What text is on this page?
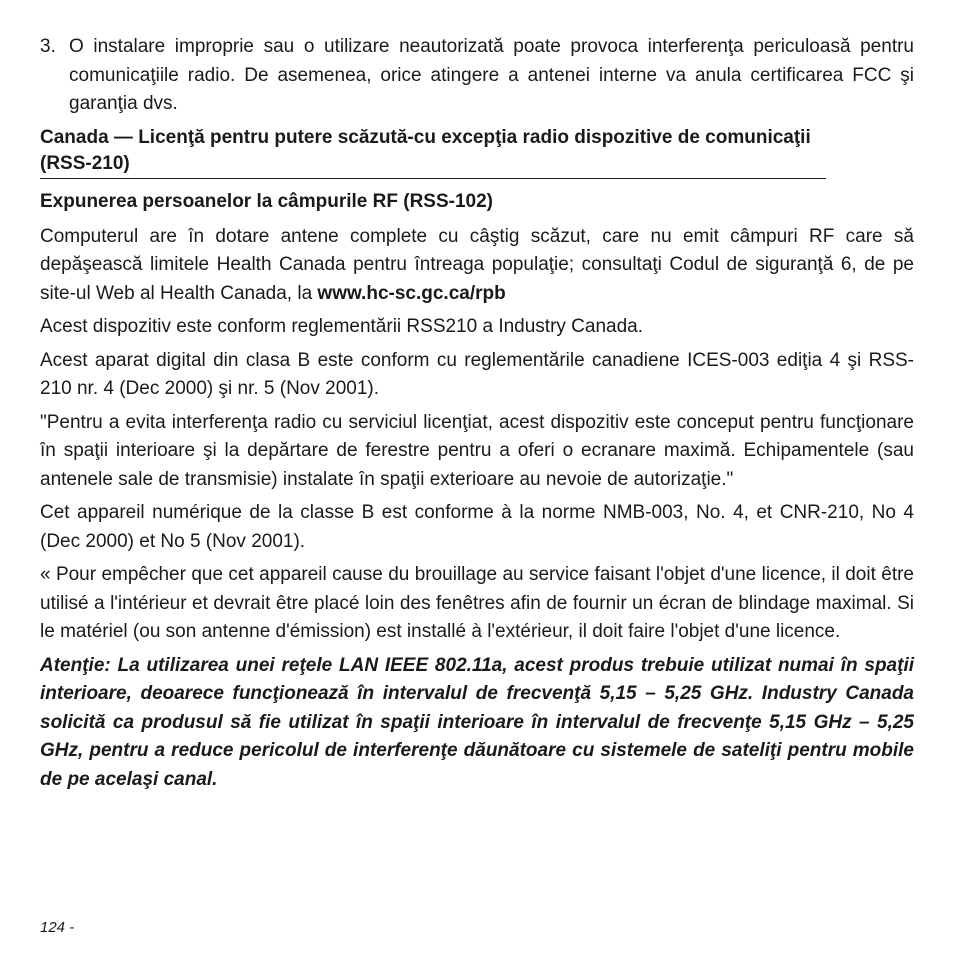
3. O instalare improprie sau o utilizare neautorizată poate provoca interferenţa periculoasă pentru comunicaţiile radio. De asemenea, orice atingere a antenei interne va anula certificarea FCC şi garanţia dvs.
Canada — Licenţă pentru putere scăzută-cu excepţia radio dispozitive de comunicaţii (RSS-210)
Expunerea persoanelor la câmpurile RF (RSS-102)

Computerul are în dotare antene complete cu câştig scăzut, care nu emit câmpuri RF care să depăşească limitele Health Canada pentru întreaga populaţie; consultaţi Codul de siguranţă 6, de pe site-ul Web al Health Canada, la www.hc-sc.gc.ca/rpb

Acest dispozitiv este conform reglementării RSS210 a Industry Canada.

Acest aparat digital din clasa B este conform cu reglementările canadiene ICES-003 ediţia 4 şi RSS-210 nr. 4 (Dec 2000) şi nr. 5 (Nov 2001).

"Pentru a evita interferenţa radio cu serviciul licenţiat, acest dispozitiv este conceput pentru funcţionare în spaţii interioare şi la depărtare de ferestre pentru a oferi o ecranare maximă. Echipamentele (sau antenele sale de transmisie) instalate în spaţii exterioare au nevoie de autorizaţie."

Cet appareil numérique de la classe B est conforme à la norme NMB-003, No. 4, et CNR-210, No 4 (Dec 2000) et No 5 (Nov 2001).

« Pour empêcher que cet appareil cause du brouillage au service faisant l'objet d'une licence, il doit être utilisé a l'intérieur et devrait être placé loin des fenêtres afin de fournir un écran de blindage maximal. Si le matériel (ou son antenne d'émission) est installé à l'extérieur, il doit faire l'objet d'une licence.

Atenţie: La utilizarea unei reţele LAN IEEE 802.11a, acest produs trebuie utilizat numai în spaţii interioare, deoarece funcţionează în intervalul de frecvenţă 5,15 – 5,25 GHz. Industry Canada solicită ca produsul să fie utilizat în spaţii interioare în intervalul de frecvenţe 5,15 GHz – 5,25 GHz, pentru a reduce pericolul de interferenţe dăunătoare cu sistemele de sateliţi pentru mobile de pe acelaşi canal.

124 -
